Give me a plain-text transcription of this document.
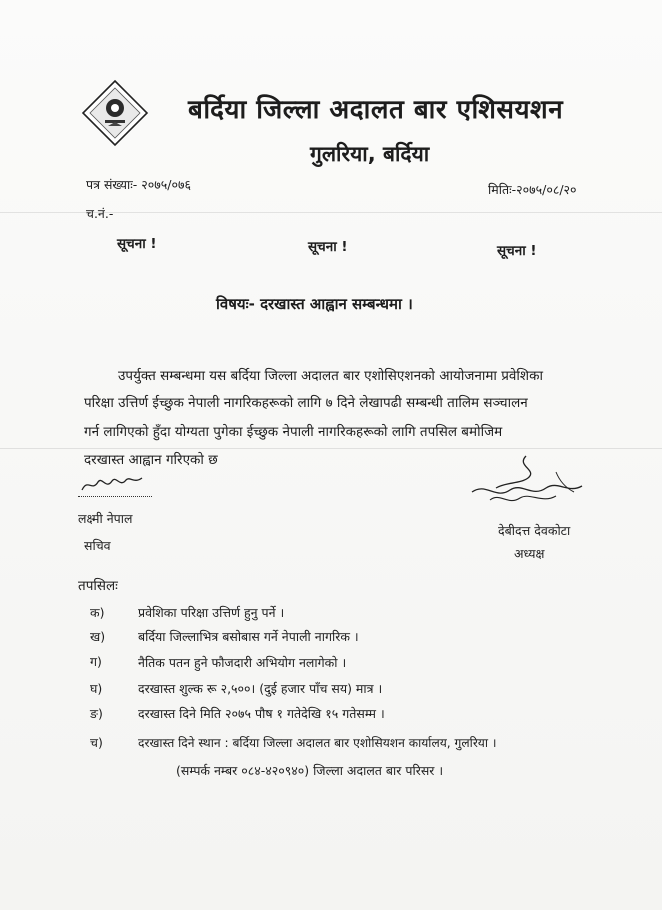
बर्दिया जिल्ला अदालत बार एशिसयशन
गुलरिया, बर्दिया
पत्र संख्याः- २०७५/०७६
च.नं.-
मितिः-२०७५/०८/२०
सूचना !	सूचना !	सूचना !
विषयः- दरखास्त आह्वान सम्बन्धमा ।
उपर्युक्त सम्बन्धमा यस बर्दिया जिल्ला अदालत बार एशोसिएशनको आयोजनामा प्रवेशिका
परिक्षा उत्तिर्ण ईच्छुक नेपाली नागरिकहरूको लागि ७ दिने लेखापढी सम्बन्धी तालिम सञ्चालन
गर्न लागिएको हुँदा योग्यता पुगेका ईच्छुक नेपाली नागरिकहरूको लागि तपसिल बमोजिम
दरखास्त आह्वान गरिएको छ
लक्ष्मी नेपाल
सचिव
देबीदत्त देवकोटा
अध्यक्ष
तपसिलः
क)	प्रवेशिका परिक्षा उत्तिर्ण हुनु पर्ने ।
ख)	बर्दिया जिल्लाभित्र बसोबास गर्ने नेपाली नागरिक ।
ग)	नैतिक पतन हुने फौजदारी अभियोग नलागेको ।
घ)	दरखास्त शुल्क रू २,५००। (दुई हजार पाँच सय) मात्र ।
ङ)	दरखास्त दिने मिति २०७५ पौष १ गतेदेखि १५ गतेसम्म ।
च)	दरखास्त दिने स्थान : बर्दिया जिल्ला अदालत बार एशोसियशन कार्यालय, गुलरिया ।
(सम्पर्क नम्बर ०८४-४२०९४०) जिल्ला अदालत बार परिसर ।
